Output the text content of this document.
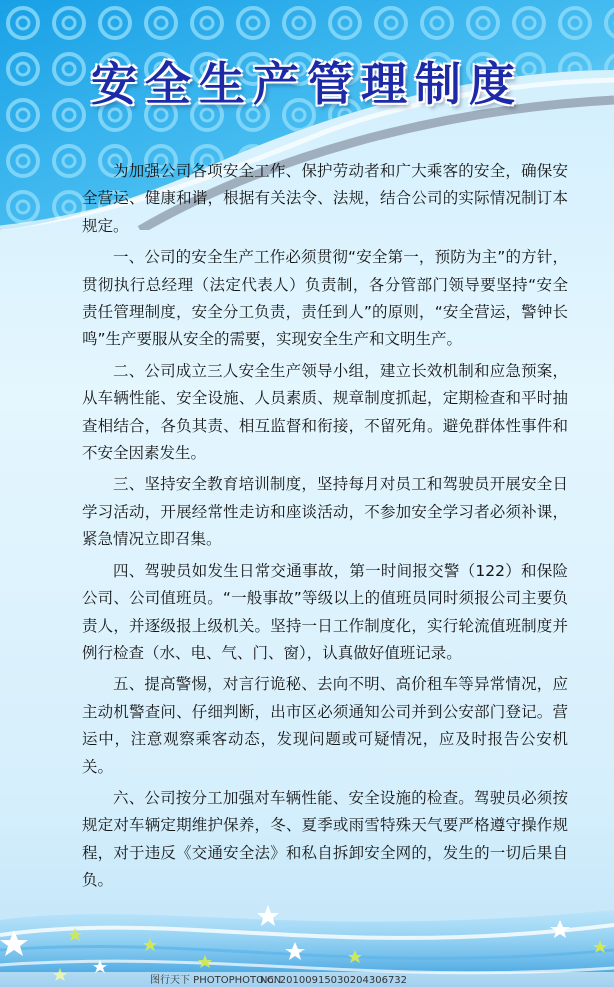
安全生产管理制度

为加强公司各项安全工作、保护劳动者和广大乘客的安全，确保安全营运、健康和谐，根据有关法令、法规，结合公司的实际情况制订本规定。

一、公司的安全生产工作必须贯彻“安全第一，预防为主”的方针，贯彻执行总经理（法定代表人）负责制，各分管部门领导要坚持“安全责任管理制度，安全分工负责，责任到人”的原则，“安全营运，警钟长鸣”生产要服从安全的需要，实现安全生产和文明生产。

二、公司成立三人安全生产领导小组，建立长效机制和应急预案，从车辆性能、安全设施、人员素质、规章制度抓起，定期检查和平时抽查相结合，各负其责、相互监督和衔接，不留死角。避免群体性事件和不安全因素发生。

三、坚持安全教育培训制度，坚持每月对员工和驾驶员开展安全日学习活动，开展经常性走访和座谈活动，不参加安全学习者必须补课，紧急情况立即召集。

四、驾驶员如发生日常交通事故，第一时间报交警（122）和保险公司、公司值班员。“一般事故”等级以上的值班员同时须报公司主要负责人，并逐级报上级机关。坚持一日工作制度化，实行轮流值班制度并例行检查（水、电、气、门、窗），认真做好值班记录。

五、提高警惕，对言行诡秘、去向不明、高价租车等异常情况，应主动机警查问、仔细判断，出市区必须通知公司并到公安部门登记。营运中，注意观察乘客动态，发现问题或可疑情况，应及时报告公安机关。

六、公司按分工加强对车辆性能、安全设施的检查。驾驶员必须按规定对车辆定期维护保养，冬、夏季或雨雪特殊天气要严格遵守操作规程，对于违反《交通安全法》和私自拆卸安全网的，发生的一切后果自负。

图行天下 PHOTOPHOTO.CN
No. 20100915030204306732
